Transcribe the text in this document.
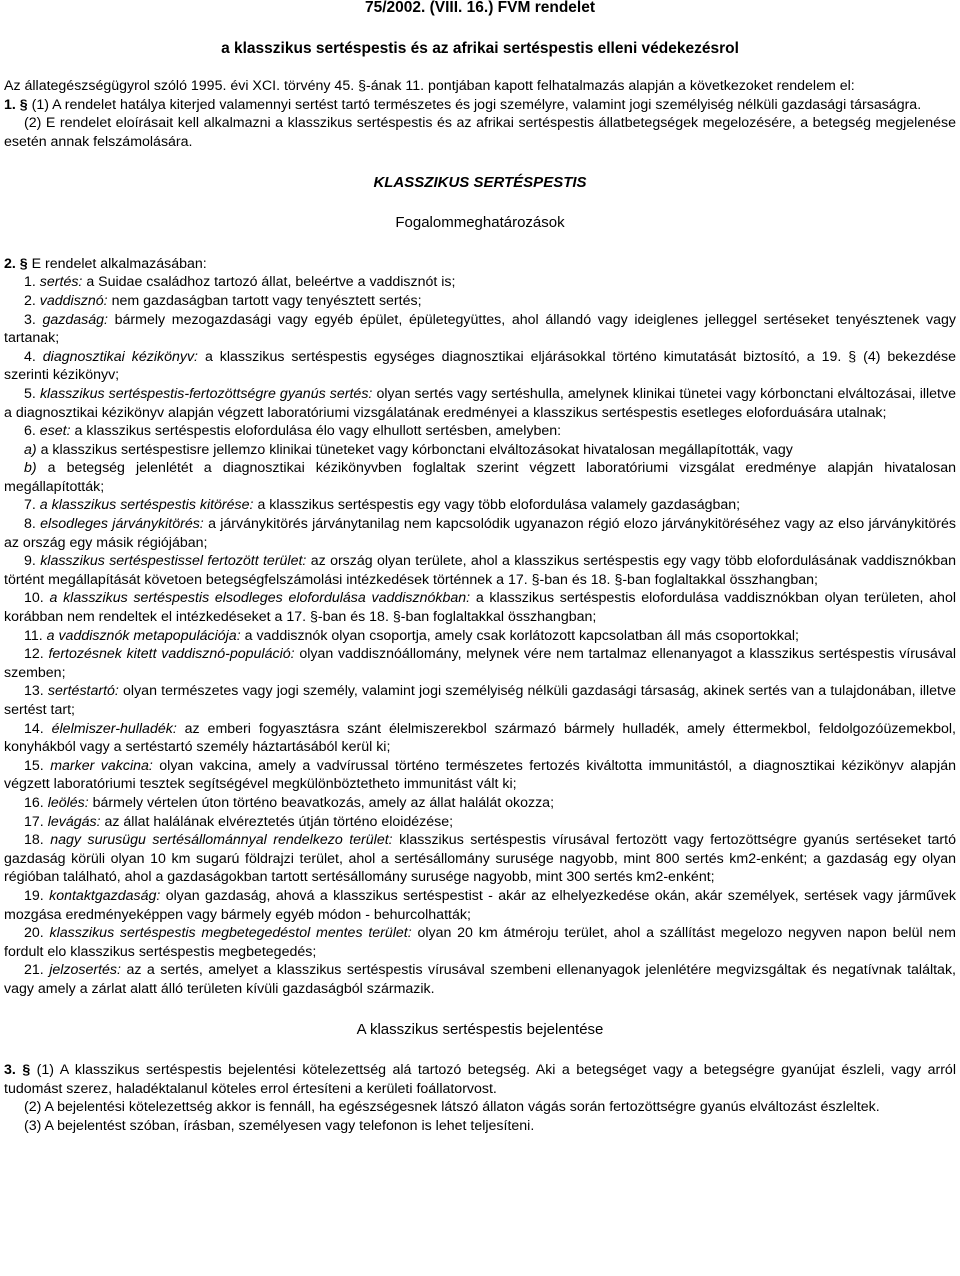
75/2002. (VIII. 16.) FVM rendelet

a klasszikus sertéspestis és az afrikai sertéspestis elleni védekezésrol

Az állategészségügyrol szóló 1995. évi XCI. törvény 45. §-ának 11. pontjában kapott felhatalmazás alapján a következoket rendelem el:

1. § (1) A rendelet hatálya kiterjed valamennyi sertést tartó természetes és jogi személyre, valamint jogi személyiség nélküli gazdasági társaságra.

(2) E rendelet eloírásait kell alkalmazni a klasszikus sertéspestis és az afrikai sertéspestis állatbetegségek megelozésére, a betegség megjelenése esetén annak felszámolására.

KLASSZIKUS SERTÉSPESTIS

Fogalommeghatározások

2. § E rendelet alkalmazásában:

1. sertés: a Suidae családhoz tartozó állat, beleértve a vaddisznót is;

2. vaddisznó: nem gazdaságban tartott vagy tenyésztett sertés;

3. gazdaság: bármely mezogazdasági vagy egyéb épület, épületegyüttes, ahol állandó vagy ideiglenes jelleggel sertéseket tenyésztenek vagy tartanak;

4. diagnosztikai kézikönyv: a klasszikus sertéspestis egységes diagnosztikai eljárásokkal történo kimutatását biztosító, a 19. § (4) bekezdése szerinti kézikönyv;

5. klasszikus sertéspestis-fertozöttségre gyanús sertés: olyan sertés vagy sertéshulla, amelynek klinikai tünetei vagy kórbonctani elváltozásai, illetve a diagnosztikai kézikönyv alapján végzett laboratóriumi vizsgálatának eredményei a klasszikus sertéspestis esetleges eloforduására utalnak;

6. eset: a klasszikus sertéspestis elofordulása élo vagy elhullott sertésben, amelyben:

a) a klasszikus sertéspestisre jellemzo klinikai tüneteket vagy kórbonctani elváltozásokat hivatalosan megállapították, vagy

b) a betegség jelenlétét a diagnosztikai kézikönyvben foglaltak szerint végzett laboratóriumi vizsgálat eredménye alapján hivatalosan megállapították;

7. a klasszikus sertéspestis kitörése: a klasszikus sertéspestis egy vagy több elofordulása valamely gazdaságban;

8. elsodleges járványkitörés: a járványkitörés járványtanilag nem kapcsolódik ugyanazon régió elozo járványkitöréséhez vagy az elso járványkitörés az ország egy másik régiójában;

9. klasszikus sertéspestissel fertozött terület: az ország olyan területe, ahol a klasszikus sertéspestis egy vagy több elofordulásának vaddisznókban történt megállapítását követoen betegségfelszámolási intézkedések történnek a 17. §-ban és 18. §-ban foglaltakkal összhangban;

10. a klasszikus sertéspestis elsodleges elofordulása vaddisznókban: a klasszikus sertéspestis elofordulása vaddisznókban olyan területen, ahol korábban nem rendeltek el intézkedéseket a 17. §-ban és 18. §-ban foglaltakkal összhangban;

11. a vaddisznók metapopulációja: a vaddisznók olyan csoportja, amely csak korlátozott kapcsolatban áll más csoportokkal;

12. fertozésnek kitett vaddisznó-populáció: olyan vaddisznóállomány, melynek vére nem tartalmaz ellenanyagot a klasszikus sertéspestis vírusával szemben;

13. sertéstartó: olyan természetes vagy jogi személy, valamint jogi személyiség nélküli gazdasági társaság, akinek sertés van a tulajdonában, illetve sertést tart;

14. élelmiszer-hulladék: az emberi fogyasztásra szánt élelmiszerekbol származó bármely hulladék, amely éttermekbol, feldolgozóüzemekbol, konyhákból vagy a sertéstartó személy háztartásából kerül ki;

15. marker vakcina: olyan vakcina, amely a vadvírussal történo természetes fertozés kiváltotta immunitástól, a diagnosztikai kézikönyv alapján végzett laboratóriumi tesztek segítségével megkülönböztetheto immunitást vált ki;

16. leölés: bármely vértelen úton történo beavatkozás, amely az állat halálát okozza;

17. levágás: az állat halálának elvéreztetés útján történo eloidézése;

18. nagy surusügu sertésállománnyal rendelkezo terület: klasszikus sertéspestis vírusával fertozött vagy fertozöttségre gyanús sertéseket tartó gazdaság körüli olyan 10 km sugarú földrajzi terület, ahol a sertésállomány surusége nagyobb, mint 800 sertés km2-enként; a gazdaság egy olyan régióban található, ahol a gazdaságokban tartott sertésállomány surusége nagyobb, mint 300 sertés km2-enként;

19. kontaktgazdaság: olyan gazdaság, ahová a klasszikus sertéspestist - akár az elhelyezkedése okán, akár személyek, sertések vagy járművek mozgása eredményeképpen vagy bármely egyéb módon - behurcolhatták;

20. klasszikus sertéspestis megbetegedéstol mentes terület: olyan 20 km átméroju terület, ahol a szállítást megelozo negyven napon belül nem fordult elo klasszikus sertéspestis megbetegedés;

21. jelzosertés: az a sertés, amelyet a klasszikus sertéspestis vírusával szembeni ellenanyagok jelenlétére megvizsgáltak és negatívnak találtak, vagy amely a zárlat alatt álló területen kívüli gazdaságból származik.

A klasszikus sertéspestis bejelentése

3. § (1) A klasszikus sertéspestis bejelentési kötelezettség alá tartozó betegség. Aki a betegséget vagy a betegségre gyanújat észleli, vagy arról tudomást szerez, haladéktalanul köteles errol értesíteni a kerületi foállatorvost.

(2) A bejelentési kötelezettség akkor is fennáll, ha egészségesnek látszó állaton vágás során fertozöttségre gyanús elváltozást észleltek.

(3) A bejelentést szóban, írásban, személyesen vagy telefonon is lehet teljesíteni.
